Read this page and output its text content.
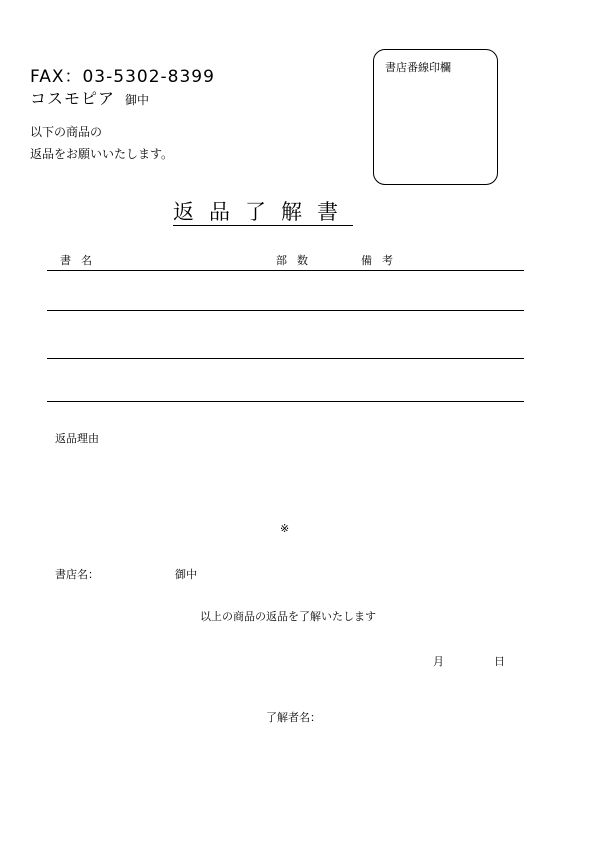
FAX：03-5302-8399
コスモピア 御中
以下の商品の
返品をお願いいたします。
書店番線印欄
返品了解書
書名	部数	備考
返品理由
※
書店名：	御中
以上の商品の返品を了解いたします
月	日
了解者名：
